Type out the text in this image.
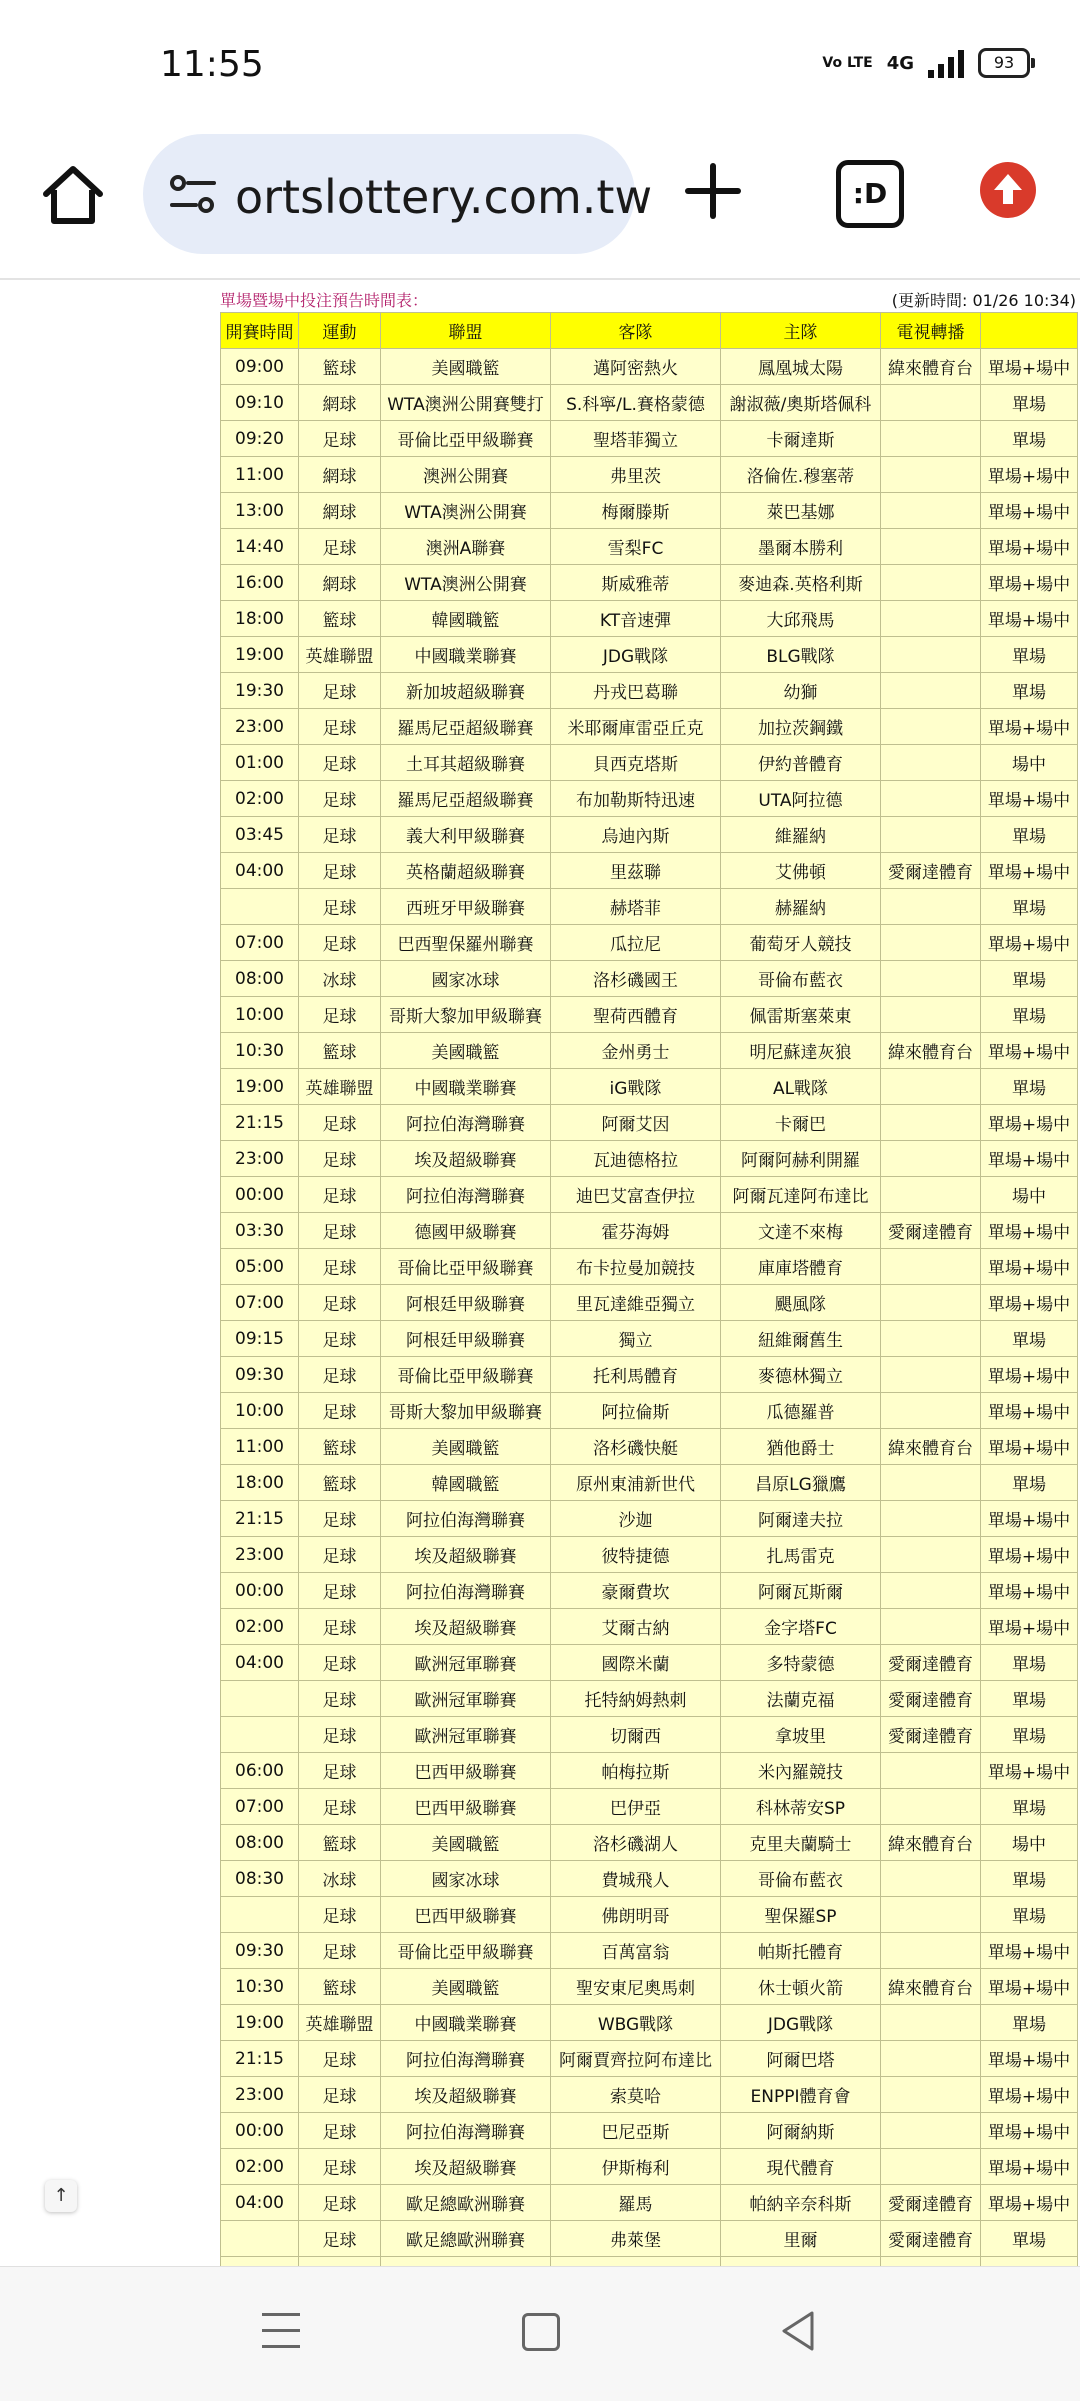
11:55	Vo LTE 4G	93
ortslottery.com.tw	:D
單場暨場中投注預告時間表：	(更新時間: 01/26 10:34)
開賽時間	運動	聯盟	客隊	主隊	電視轉播	
09:00	籃球	美國職籃	邁阿密熱火	鳳凰城太陽	緯來體育台	單場+場中
09:10	網球	WTA澳洲公開賽雙打	S.科寧/L.賽格蒙德	謝淑薇/奧斯塔佩科		單場
09:20	足球	哥倫比亞甲級聯賽	聖塔菲獨立	卡爾達斯		單場
11:00	網球	澳洲公開賽	弗里茨	洛倫佐.穆塞蒂		單場+場中
13:00	網球	WTA澳洲公開賽	梅爾滕斯	萊巴基娜		單場+場中
14:40	足球	澳洲A聯賽	雪梨FC	墨爾本勝利		單場+場中
16:00	網球	WTA澳洲公開賽	斯威雅蒂	麥迪森.英格利斯		單場+場中
18:00	籃球	韓國職籃	KT音速彈	大邱飛馬		單場+場中
19:00	英雄聯盟	中國職業聯賽	JDG戰隊	BLG戰隊		單場
19:30	足球	新加坡超級聯賽	丹戎巴葛聯	幼獅		單場
23:00	足球	羅馬尼亞超級聯賽	米耶爾庫雷亞丘克	加拉茨鋼鐵		單場+場中
01:00	足球	土耳其超級聯賽	貝西克塔斯	伊約普體育		場中
02:00	足球	羅馬尼亞超級聯賽	布加勒斯特迅速	UTA阿拉德		單場+場中
03:45	足球	義大利甲級聯賽	烏迪內斯	維羅納		單場
04:00	足球	英格蘭超級聯賽	里茲聯	艾佛頓	愛爾達體育	單場+場中
	足球	西班牙甲級聯賽	赫塔菲	赫羅納		單場
07:00	足球	巴西聖保羅州聯賽	瓜拉尼	葡萄牙人競技		單場+場中
08:00	冰球	國家冰球	洛杉磯國王	哥倫布藍衣		單場
10:00	足球	哥斯大黎加甲級聯賽	聖荷西體育	佩雷斯塞萊東		單場
10:30	籃球	美國職籃	金州勇士	明尼蘇達灰狼	緯來體育台	單場+場中
19:00	英雄聯盟	中國職業聯賽	iG戰隊	AL戰隊		單場
21:15	足球	阿拉伯海灣聯賽	阿爾艾因	卡爾巴		單場+場中
23:00	足球	埃及超級聯賽	瓦迪德格拉	阿爾阿赫利開羅		單場+場中
00:00	足球	阿拉伯海灣聯賽	迪巴艾富查伊拉	阿爾瓦達阿布達比		場中
03:30	足球	德國甲級聯賽	霍芬海姆	文達不來梅	愛爾達體育	單場+場中
05:00	足球	哥倫比亞甲級聯賽	布卡拉曼加競技	庫庫塔體育		單場+場中
07:00	足球	阿根廷甲級聯賽	里瓦達維亞獨立	颶風隊		單場+場中
09:15	足球	阿根廷甲級聯賽	獨立	紐維爾舊生		單場
09:30	足球	哥倫比亞甲級聯賽	托利馬體育	麥德林獨立		單場+場中
10:00	足球	哥斯大黎加甲級聯賽	阿拉倫斯	瓜德羅普		單場+場中
11:00	籃球	美國職籃	洛杉磯快艇	猶他爵士	緯來體育台	單場+場中
18:00	籃球	韓國職籃	原州東浦新世代	昌原LG獵鷹		單場
21:15	足球	阿拉伯海灣聯賽	沙迦	阿爾達夫拉		單場+場中
23:00	足球	埃及超級聯賽	彼特捷德	扎馬雷克		單場+場中
00:00	足球	阿拉伯海灣聯賽	豪爾費坎	阿爾瓦斯爾		單場+場中
02:00	足球	埃及超級聯賽	艾爾古納	金字塔FC		單場+場中
04:00	足球	歐洲冠軍聯賽	國際米蘭	多特蒙德	愛爾達體育	單場
	足球	歐洲冠軍聯賽	托特納姆熱刺	法蘭克福	愛爾達體育	單場
	足球	歐洲冠軍聯賽	切爾西	拿坡里	愛爾達體育	單場
06:00	足球	巴西甲級聯賽	帕梅拉斯	米內羅競技		單場+場中
07:00	足球	巴西甲級聯賽	巴伊亞	科林蒂安SP		單場
08:00	籃球	美國職籃	洛杉磯湖人	克里夫蘭騎士	緯來體育台	場中
08:30	冰球	國家冰球	費城飛人	哥倫布藍衣		單場
	足球	巴西甲級聯賽	佛朗明哥	聖保羅SP		單場
09:30	足球	哥倫比亞甲級聯賽	百萬富翁	帕斯托體育		單場+場中
10:30	籃球	美國職籃	聖安東尼奧馬刺	休士頓火箭	緯來體育台	單場+場中
19:00	英雄聯盟	中國職業聯賽	WBG戰隊	JDG戰隊		單場
21:15	足球	阿拉伯海灣聯賽	阿爾賈齊拉阿布達比	阿爾巴塔		單場+場中
23:00	足球	埃及超級聯賽	索莫哈	ENPPI體育會		單場+場中
00:00	足球	阿拉伯海灣聯賽	巴尼亞斯	阿爾納斯		單場+場中
02:00	足球	埃及超級聯賽	伊斯梅利	現代體育		單場+場中
04:00	足球	歐足總歐洲聯賽	羅馬	帕納辛奈科斯	愛爾達體育	單場+場中
	足球	歐足總歐洲聯賽	弗萊堡	里爾	愛爾達體育	單場

↑
